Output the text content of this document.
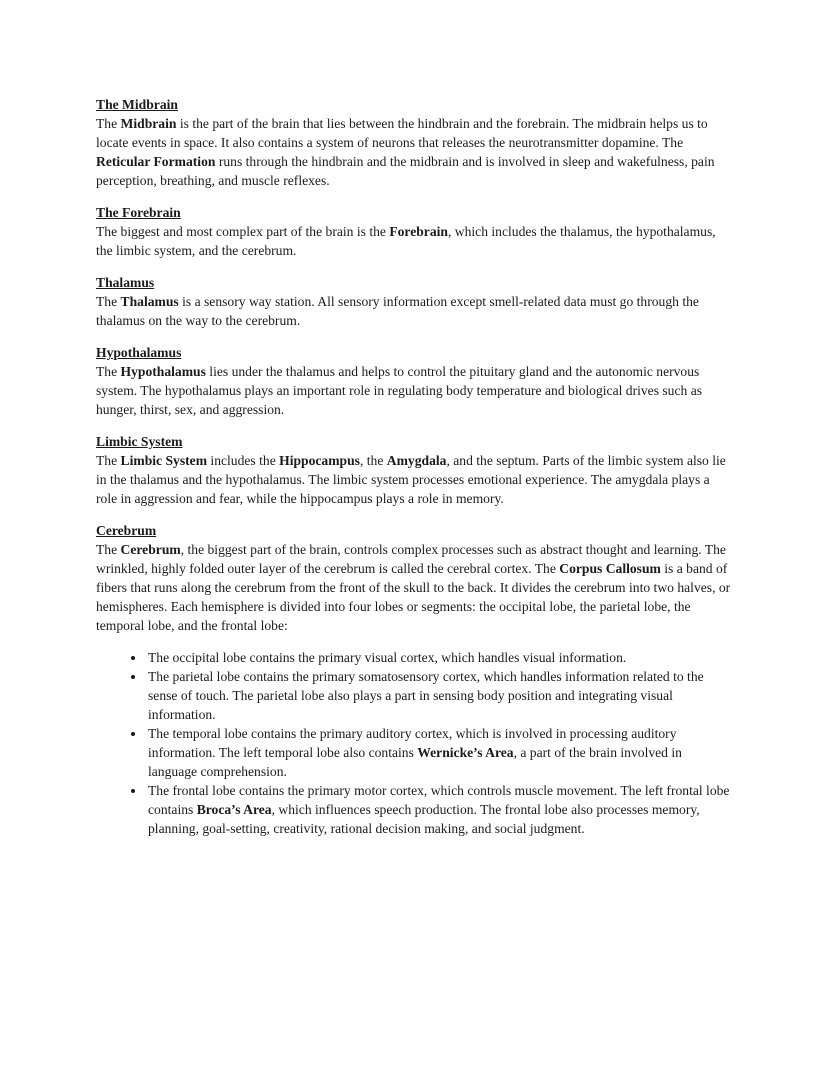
The Midbrain

The Midbrain is the part of the brain that lies between the hindbrain and the forebrain. The midbrain helps us to locate events in space. It also contains a system of neurons that releases the neurotransmitter dopamine. The Reticular Formation runs through the hindbrain and the midbrain and is involved in sleep and wakefulness, pain perception, breathing, and muscle reflexes.

The Forebrain

The biggest and most complex part of the brain is the Forebrain, which includes the thalamus, the hypothalamus, the limbic system, and the cerebrum.

Thalamus

The Thalamus is a sensory way station. All sensory information except smell-related data must go through the thalamus on the way to the cerebrum.

Hypothalamus

The Hypothalamus lies under the thalamus and helps to control the pituitary gland and the autonomic nervous system. The hypothalamus plays an important role in regulating body temperature and biological drives such as hunger, thirst, sex, and aggression.

Limbic System

The Limbic System includes the Hippocampus, the Amygdala, and the septum. Parts of the limbic system also lie in the thalamus and the hypothalamus. The limbic system processes emotional experience. The amygdala plays a role in aggression and fear, while the hippocampus plays a role in memory.

Cerebrum

The Cerebrum, the biggest part of the brain, controls complex processes such as abstract thought and learning. The wrinkled, highly folded outer layer of the cerebrum is called the cerebral cortex. The Corpus Callosum is a band of fibers that runs along the cerebrum from the front of the skull to the back. It divides the cerebrum into two halves, or hemispheres. Each hemisphere is divided into four lobes or segments: the occipital lobe, the parietal lobe, the temporal lobe, and the frontal lobe:

• The occipital lobe contains the primary visual cortex, which handles visual information.
• The parietal lobe contains the primary somatosensory cortex, which handles information related to the sense of touch. The parietal lobe also plays a part in sensing body position and integrating visual information.
• The temporal lobe contains the primary auditory cortex, which is involved in processing auditory information. The left temporal lobe also contains Wernicke’s Area, a part of the brain involved in language comprehension.
• The frontal lobe contains the primary motor cortex, which controls muscle movement. The left frontal lobe contains Broca’s Area, which influences speech production. The frontal lobe also processes memory, planning, goal-setting, creativity, rational decision making, and social judgment.
